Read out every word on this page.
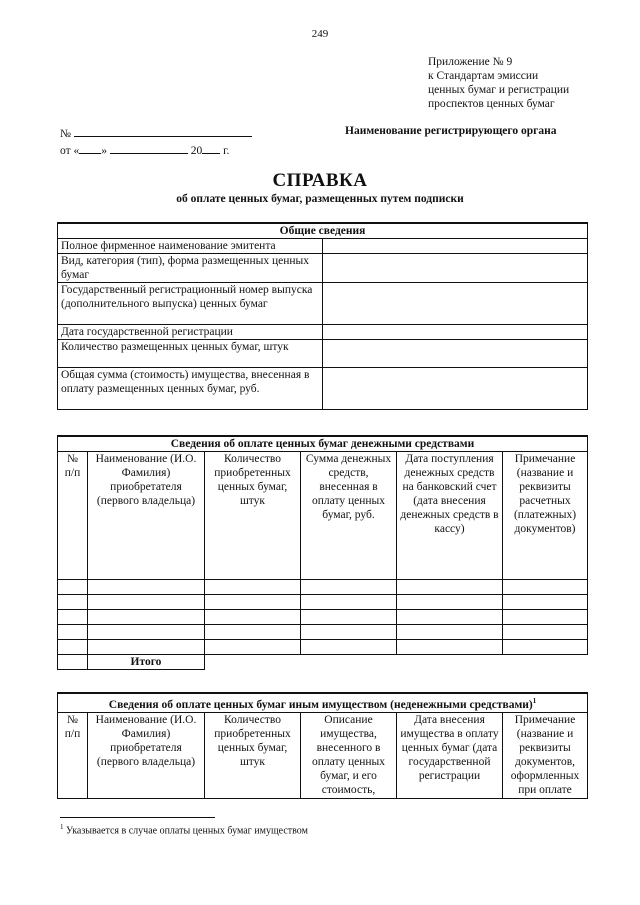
249
Приложение № 9
к Стандартам эмиссии
ценных бумаг и регистрации
проспектов ценных бумаг
№
от « »	20 г.
Наименование регистрирующего органа
СПРАВКА
об оплате ценных бумаг, размещенных путем подписки
Общие сведения	
Полное фирменное наименование эмитента	
Вид, категория (тип), форма размещенных ценных бумаг	
Государственный регистрационный номер выпуска (дополнительного выпуска) ценных бумаг	
Дата государственной регистрации	
Количество размещенных ценных бумаг, штук	
Общая сумма (стоимость) имущества, внесенная в оплату размещенных ценных бумаг, руб.	
Сведения об оплате ценных бумаг денежными средствами					
№ п/п	Наименование (И.О. Фамилия) приобретателя (первого владельца)	Количество приобретенных ценных бумаг, штук	Сумма денежных средств, внесенная в оплату ценных бумаг, руб.	Дата поступления денежных средств на банковский счет (дата внесения денежных средств в кассу)	Примечание (название и реквизиты расчетных (платежных) документов)

	Итого				
Сведения об оплате ценных бумаг иным имуществом (неденежными средствами)$^1$
№ п/п	Наименование (И.О. Фамилия) приобретателя (первого владельца)	Количество приобретенных ценных бумаг, штук	Описание имущества, внесенного в оплату ценных бумаг, и его стоимость,	Дата внесения имущества в оплату ценных бумаг (дата государственной регистрации	Примечание (название и реквизиты документов, оформленных при оплате
$^1$ Указывается в случае оплаты ценных бумаг имуществом
